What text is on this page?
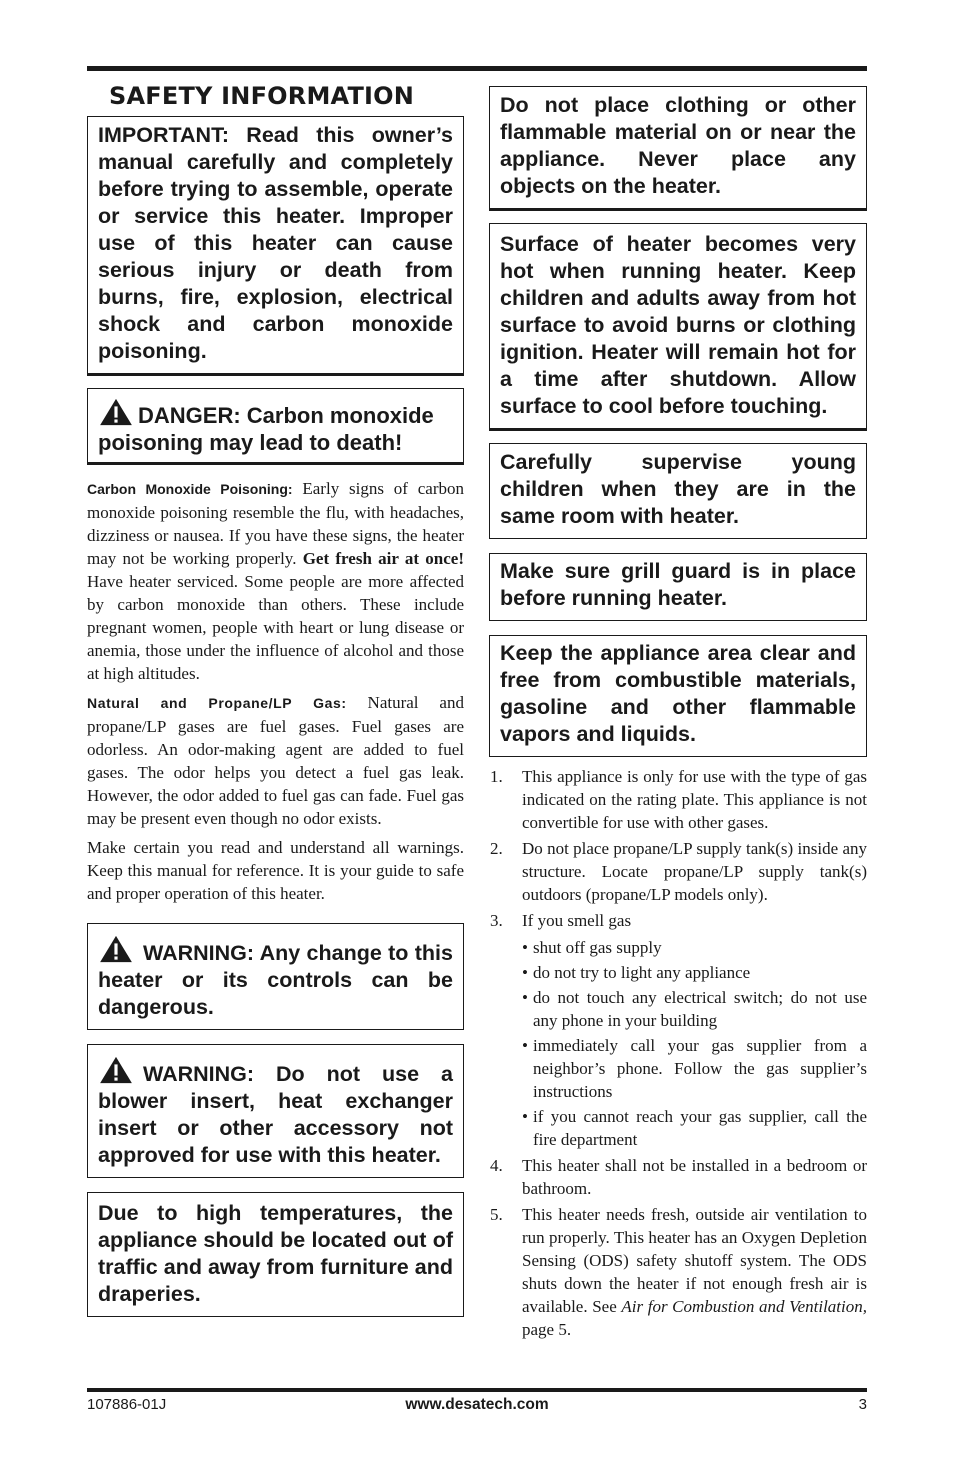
SAFETY INFORMATION
IMPORTANT: Read this owner’s manual carefully and completely before trying to assemble, operate or service this heater. Improper use of this heater can cause serious injury or death from burns, fire, explosion, electrical shock and carbon monoxide poisoning.
DANGER: Carbon monoxide poisoning may lead to death!

Carbon Monoxide Poisoning: Early signs of carbon monoxide poisoning resemble the flu, with headaches, dizziness or nausea. If you have these signs, the heater may not be working properly. Get fresh air at once! Have heater serviced. Some people are more affected by carbon monoxide than others. These include pregnant women, people with heart or lung disease or anemia, those under the influence of alcohol and those at high altitudes.

Natural and Propane/LP Gas: Natural and propane/LP gases are fuel gases. Fuel gases are odorless. An odor-making agent are added to fuel gases. The odor helps you detect a fuel gas leak. However, the odor added to fuel gas can fade. Fuel gas may be present even though no odor exists.

Make certain you read and understand all warnings. Keep this manual for reference. It is your guide to safe and proper operation of this heater.

WARNING: Any change to this heater or its controls can be dangerous.
WARNING: Do not use a blower insert, heat exchanger insert or other accessory not approved for use with this heater.
Due to high temperatures, the appliance should be located out of traffic and away from furniture and draperies.
Do not place clothing or other flammable material on or near the appliance. Never place any objects on the heater.
Surface of heater becomes very hot when running heater. Keep children and adults away from hot surface to avoid burns or clothing ignition. Heater will remain hot for a time after shutdown. Allow surface to cool before touching.
Carefully supervise young children when they are in the same room with heater.
Make sure grill guard is in place before running heater.
Keep the appliance area clear and free from combustible materials, gasoline and other flammable vapors and liquids.
1. This appliance is only for use with the type of gas indicated on the rating plate. This appliance is not convertible for use with other gases.
2. Do not place propane/LP supply tank(s) inside any structure. Locate propane/LP supply tank(s) outdoors (propane/LP models only).
3. If you smell gas
• shut off gas supply
• do not try to light any appliance
• do not touch any electrical switch; do not use any phone in your building
• immediately call your gas supplier from a neighbor’s phone. Follow the gas supplier’s instructions
• if you cannot reach your gas supplier, call the fire department
4. This heater shall not be installed in a bedroom or bathroom.
5. This heater needs fresh, outside air ventilation to run properly. This heater has an Oxygen Depletion Sensing (ODS) safety shutoff system. The ODS shuts down the heater if not enough fresh air is available. See Air for Combustion and Ventilation, page 5.
107886-01J	www.desatech.com	3
